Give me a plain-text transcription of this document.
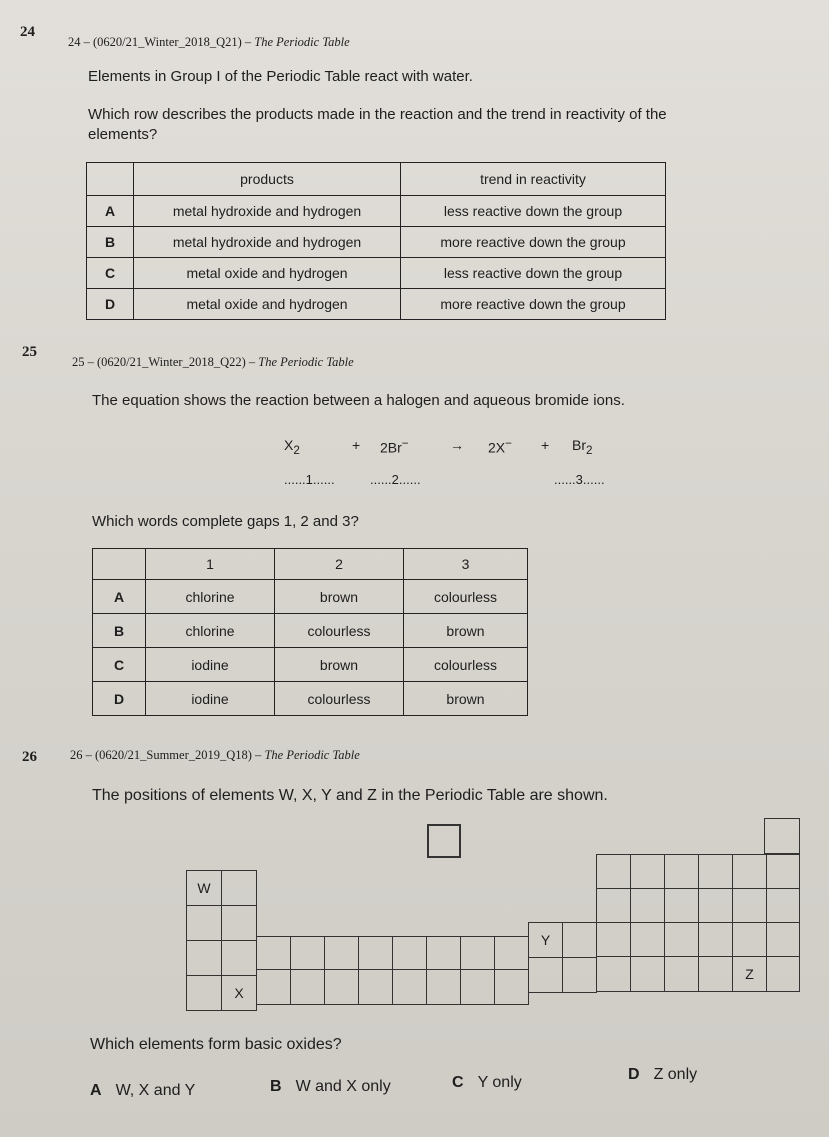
24
24 – (0620/21_Winter_2018_Q21) – The Periodic Table
Elements in Group I of the Periodic Table react with water.
Which row describes the products made in the reaction and the trend in reactivity of the
elements?
	products	trend in reactivity
A	metal hydroxide and hydrogen	less reactive down the group
B	metal hydroxide and hydrogen	more reactive down the group
C	metal oxide and hydrogen	less reactive down the group
D	metal oxide and hydrogen	more reactive down the group
25
25 – (0620/21_Winter_2018_Q22) – The Periodic Table
The equation shows the reaction between a halogen and aqueous bromide ions.
$X_2$	+ 2Br−	→ $2X^- + Br_2$
......1......	......2......	......3......
Which words complete gaps 1, 2 and 3?
	1	2	3
A	chlorine	brown	colourless
B	chlorine	colourless	brown
C	iodine	brown	colourless
D	iodine	colourless	brown
26	26 – (0620/21_Summer_2019_Q18) – The Periodic Table
The positions of elements W, X, Y and Z in the Periodic Table are shown.
W
Y
X
Z
Which elements form basic oxides?
A W, X and Y	B W and X only	C Y only	D Z only
